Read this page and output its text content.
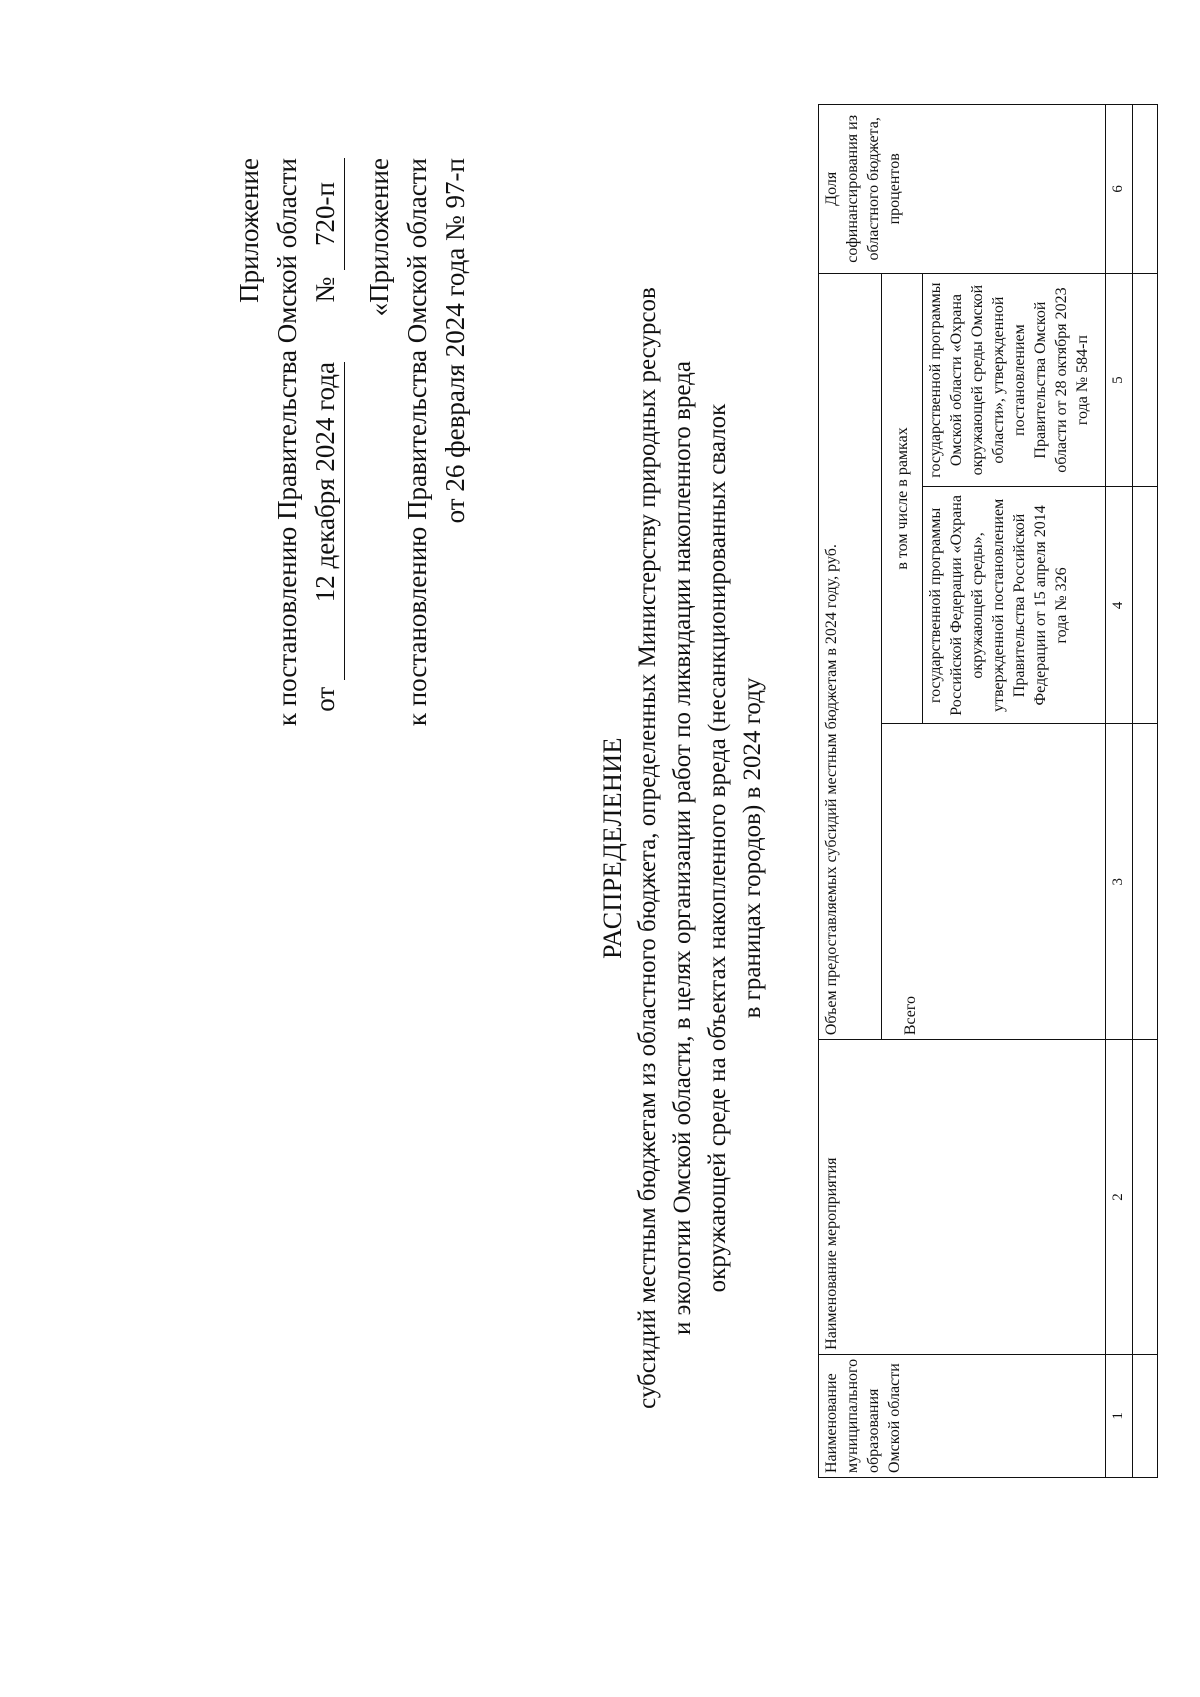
Приложение к постановлению Правительства Омской области от 12 декабря 2024 года  № 720-п «Приложение к постановлению Правительства Омской области от 26 февраля 2024 года № 97-п
РАСПРЕДЕЛЕНИЕ субсидий местным бюджетам из областного бюджета, определенных Министерству природных ресурсов и экологии Омской области, в целях организации работ по ликвидации накопленного вреда окружающей среде на объектах накопленного вреда (несанкционированных свалок в границах городов) в 2024 году
Наименование муниципального образования Омской области	Наименование мероприятия	Объем предоставляемых субсидий местным бюджетам в 2024 году, руб.			Доля софинансирования из областного бюджета, процентов
		Всего	в том числе в рамках		
			государственной программы Российской Федерации «Охрана окружающей среды», утвержденной постановлением Правительства Российской Федерации от 15 апреля 2014 года № 326	государственной программы Омской области «Охрана окружающей среды Омской области», утвержденной постановлением Правительства Омской области от 28 октября 2023 года № 584-п	
1	2	3	4	5	6
